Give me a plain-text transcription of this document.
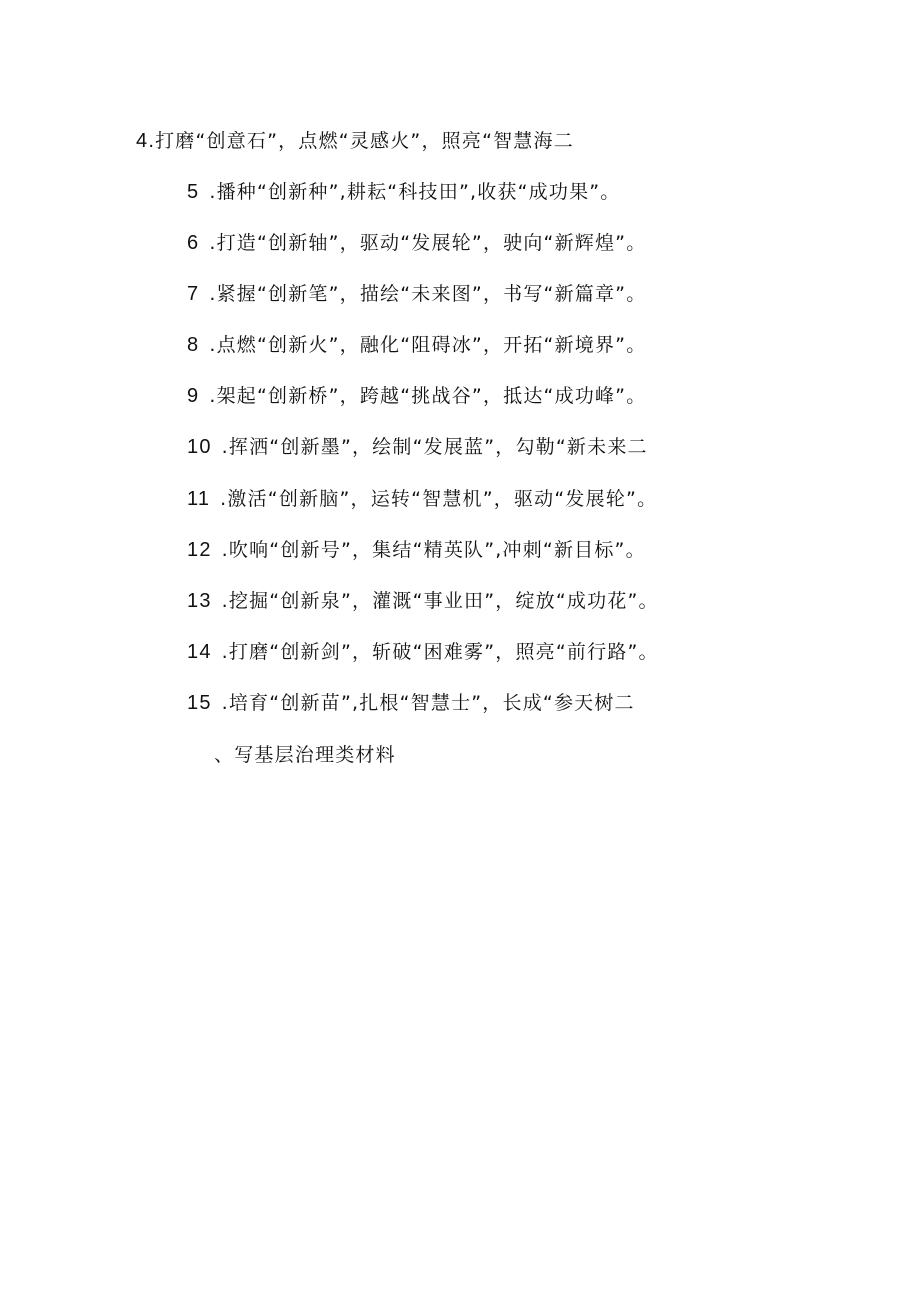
4.打磨“创意石”，点燃“灵感火”，照亮“智慧海二
5 .播种“创新种”,耕耘“科技田”,收获“成功果”。
6 .打造“创新轴”，驱动“发展轮”，驶向“新辉煌”。
7 .紧握“创新笔”，描绘“未来图”，书写“新篇章”。
8 .点燃“创新火”，融化“阻碍冰”，开拓“新境界”。
9 .架起“创新桥”，跨越“挑战谷”，抵达“成功峰”。
10 .挥洒“创新墨”，绘制“发展蓝”，勾勒“新未来二
11 .激活“创新脑”，运转“智慧机”，驱动“发展轮”。
12 .吹响“创新号”，集结“精英队”,冲刺“新目标”。
13 .挖掘“创新泉”，灌溉“事业田”，绽放“成功花”。
14 .打磨“创新剑”，斩破“困难雾”，照亮“前行路”。
15 .培育“创新苗”,扎根“智慧士”，长成“参天树二
、写基层治理类材料
